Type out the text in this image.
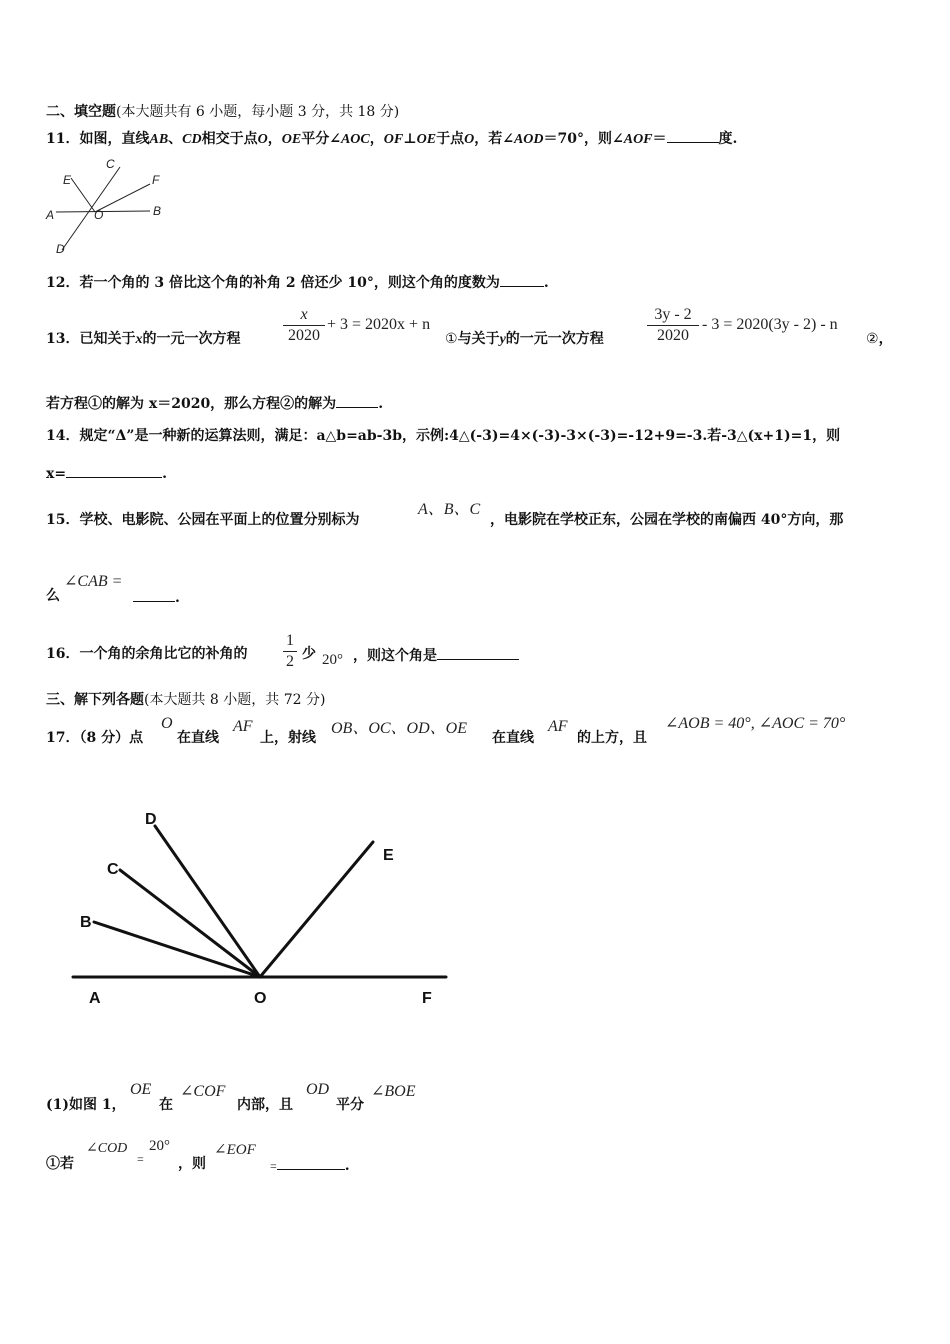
二、填空题(本大题共有 6 小题，每小题 3 分，共 18 分)
11．如图，直线AB、CD相交于点O，OE平分∠AOC，OF⊥OE于点O，若∠AOD＝70°，则∠AOF＝	度.
A	B
C
D
E	F
O
12．若一个角的 3 倍比这个角的补角 2 倍还少 10°，则这个角的度数为	.
13．已知关于x的一元一次方程
x
2020
+ 3 = 2020x + n
①与关于y的一元一次方程
3y - 2
2020
- 3 = 2020(3y - 2) - n
②，
若方程①的解为 x＝2020，那么方程②的解为	.
14．规定“Δ”是一种新的运算法则，满足：a△b=ab-3b，示例:4△(-3)=4×(-3)-3×(-3)=-12+9=-3.若-3△(x+1)=1，则
x=	.
15．学校、电影院、公园在平面上的位置分别标为
A、B、C
，电影院在学校正东，公园在学校的南偏西 40°方向，那
么
∠CAB =
.
16．一个角的余角比它的补角的
1
2 少 20° ，则这个角是
三、解下列各题(本大题共 8 小题，共 72 分)
17．（8 分）点
O
在直线
AF
上，射线
OB、OC、OD、OE
在直线
AF
的上方，且
∠AOB = 40°, ∠AOC = 70°
A	O	F
B
C
D
E
(1)如图 1，
OE
在
∠COF
内部，且
OD
平分
∠BOE
①若
∠COD
=
20°
，则
∠EOF
=	.
